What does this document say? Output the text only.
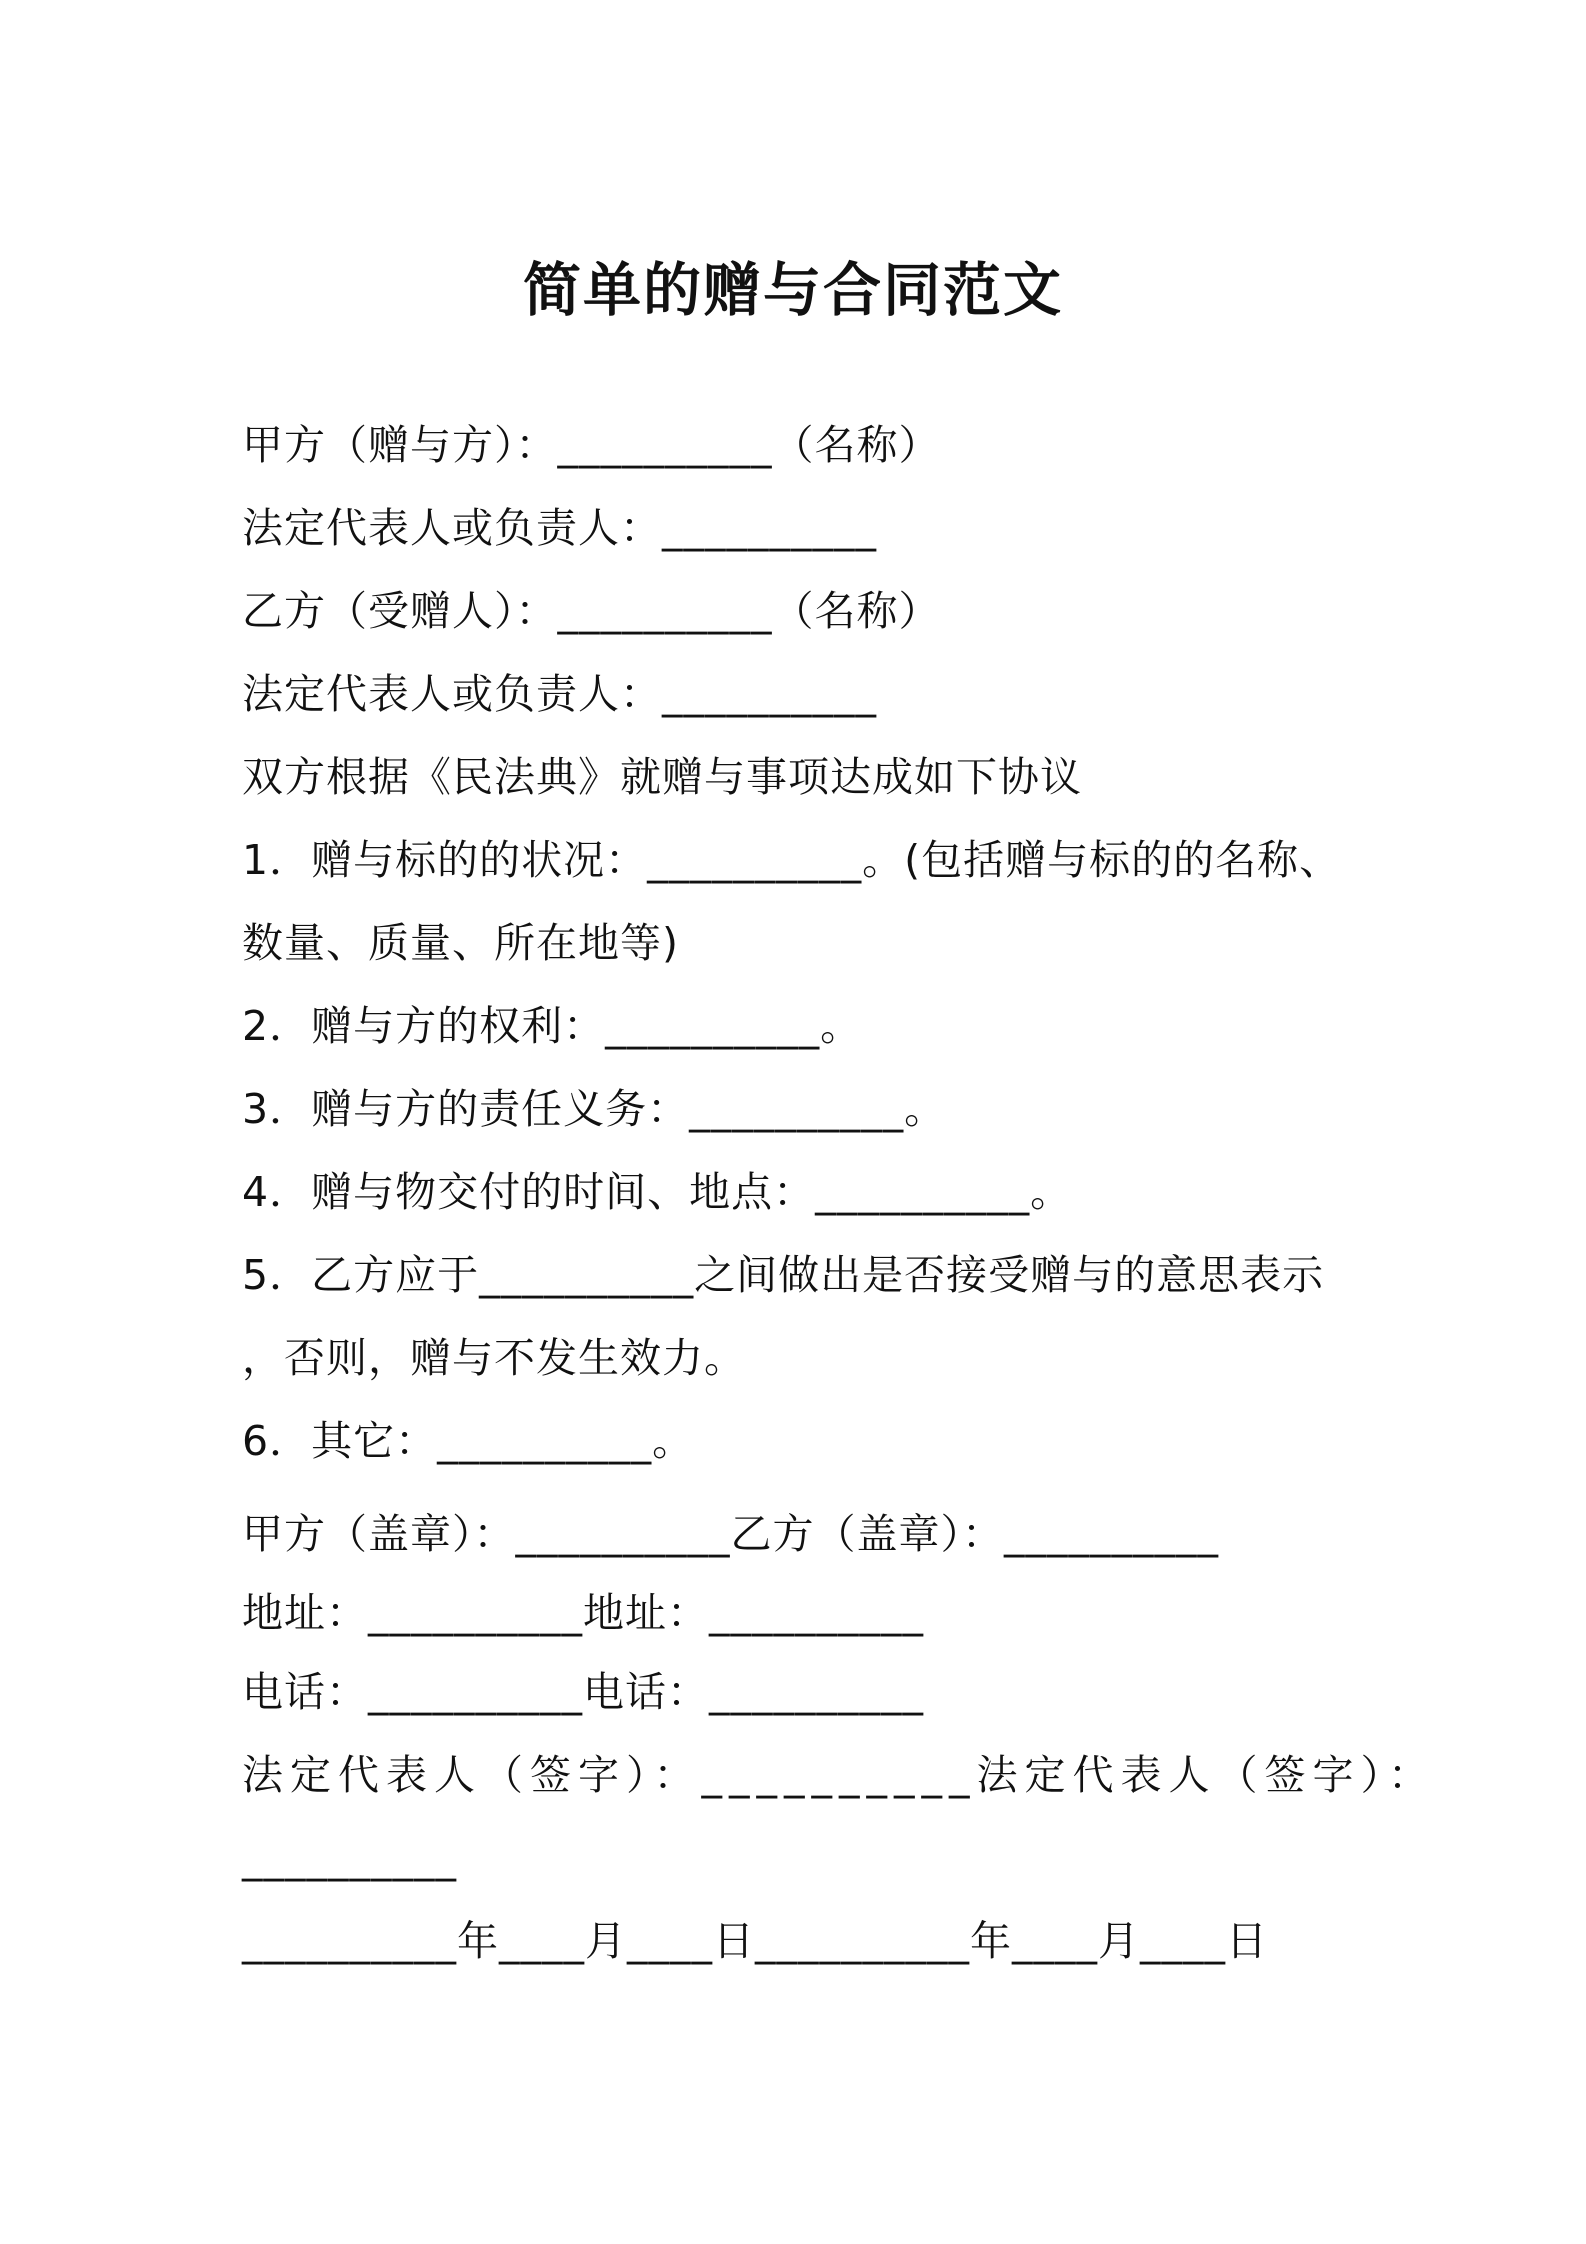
简单的赠与合同范文
甲方（赠与方）：__________（名称）
法定代表人或负责人：__________
乙方（受赠人）：__________（名称）
法定代表人或负责人：__________
双方根据《民法典》就赠与事项达成如下协议
1．赠与标的的状况：__________。(包括赠与标的的名称、
数量、质量、所在地等)
2．赠与方的权利：__________。
3．赠与方的责任义务：__________。
4．赠与物交付的时间、地点：__________。
5．乙方应于__________之间做出是否接受赠与的意思表示
，否则，赠与不发生效力。
6．其它：__________。
甲方（盖章）：__________乙方（盖章）：__________
地址：__________地址：__________
电话：__________电话：__________
法定代表人（签字）：__________法定代表人（签字）：
__________
__________年____月____日__________年____月____日
